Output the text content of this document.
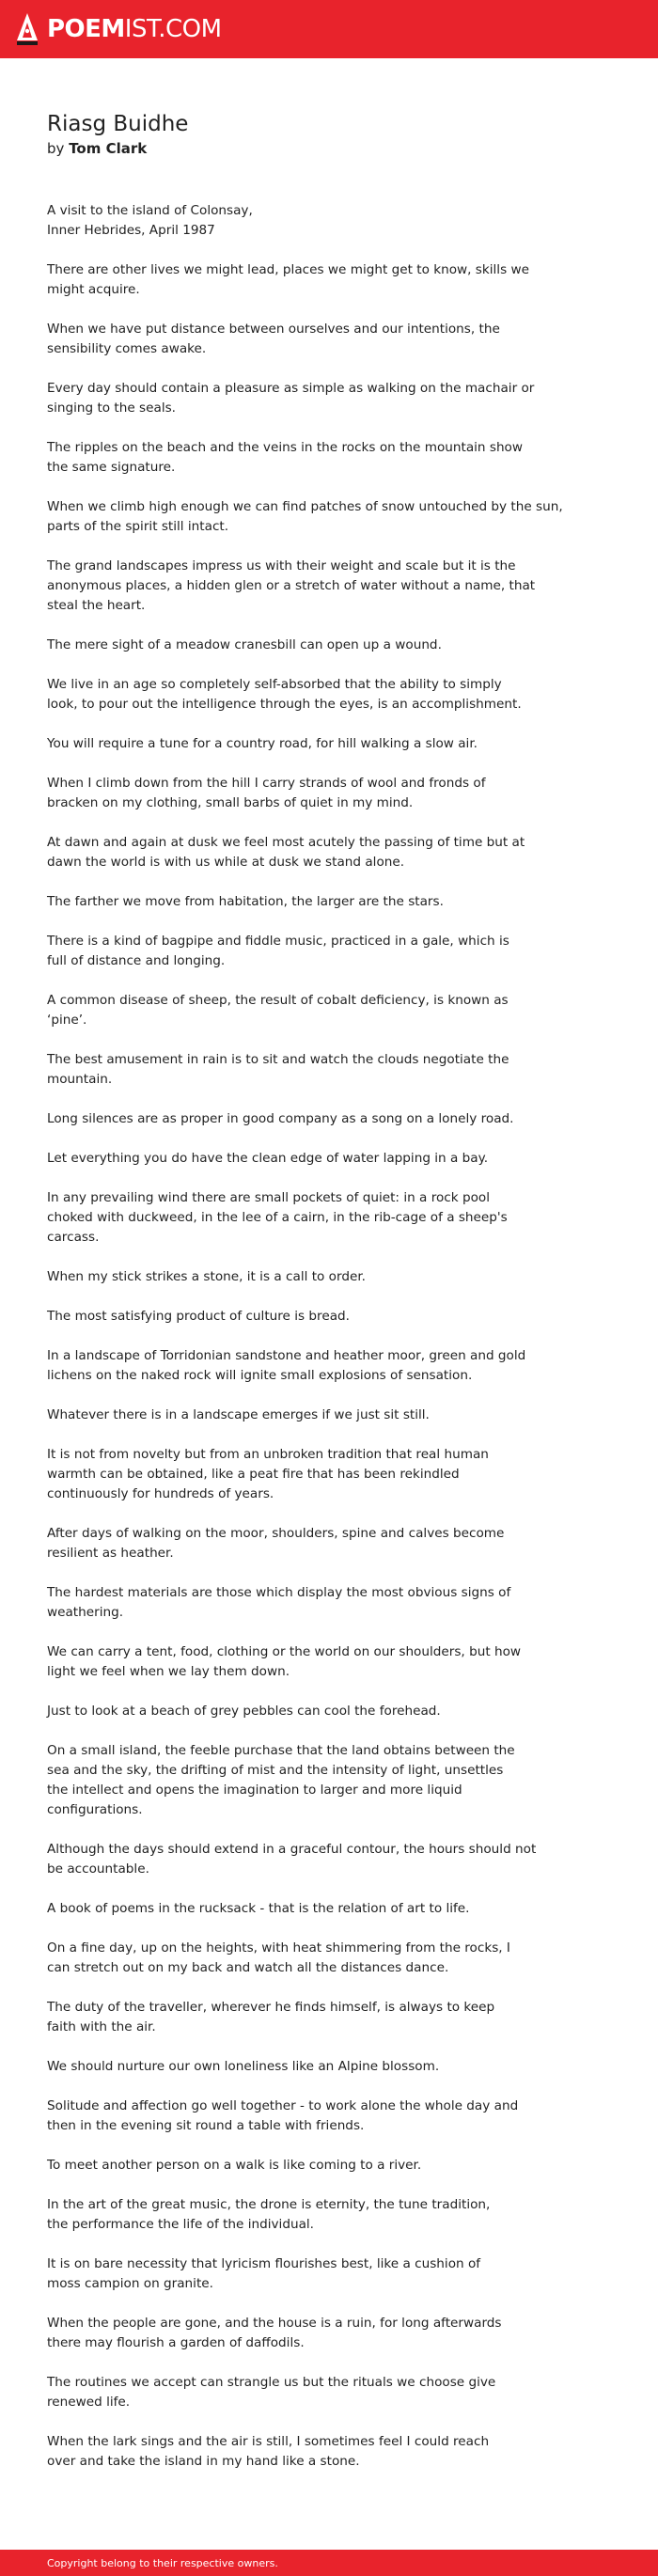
POEMIST.COM
Riasg Buidhe
by Tom Clark

A visit to the island of Colonsay,
Inner Hebrides, April 1987

There are other lives we might lead, places we might get to know, skills we
might acquire.

When we have put distance between ourselves and our intentions, the
sensibility comes awake.

Every day should contain a pleasure as simple as walking on the machair or
singing to the seals.

The ripples on the beach and the veins in the rocks on the mountain show
the same signature.

When we climb high enough we can find patches of snow untouched by the sun,
parts of the spirit still intact.

The grand landscapes impress us with their weight and scale but it is the
anonymous places, a hidden glen or a stretch of water without a name, that
steal the heart.

The mere sight of a meadow cranesbill can open up a wound.

We live in an age so completely self-absorbed that the ability to simply
look, to pour out the intelligence through the eyes, is an accomplishment.

You will require a tune for a country road, for hill walking a slow air.

When I climb down from the hill I carry strands of wool and fronds of
bracken on my clothing, small barbs of quiet in my mind.

At dawn and again at dusk we feel most acutely the passing of time but at
dawn the world is with us while at dusk we stand alone.

The farther we move from habitation, the larger are the stars.

There is a kind of bagpipe and fiddle music, practiced in a gale, which is
full of distance and longing.

A common disease of sheep, the result of cobalt deficiency, is known as
‘pine’.

The best amusement in rain is to sit and watch the clouds negotiate the
mountain.

Long silences are as proper in good company as a song on a lonely road.

Let everything you do have the clean edge of water lapping in a bay.

In any prevailing wind there are small pockets of quiet: in a rock pool
choked with duckweed, in the lee of a cairn, in the rib-cage of a sheep's
carcass.

When my stick strikes a stone, it is a call to order.

The most satisfying product of culture is bread.

In a landscape of Torridonian sandstone and heather moor, green and gold
lichens on the naked rock will ignite small explosions of sensation.

Whatever there is in a landscape emerges if we just sit still.

It is not from novelty but from an unbroken tradition that real human
warmth can be obtained, like a peat fire that has been rekindled
continuously for hundreds of years.

After days of walking on the moor, shoulders, spine and calves become
resilient as heather.

The hardest materials are those which display the most obvious signs of
weathering.

We can carry a tent, food, clothing or the world on our shoulders, but how
light we feel when we lay them down.

Just to look at a beach of grey pebbles can cool the forehead.

On a small island, the feeble purchase that the land obtains between the
sea and the sky, the drifting of mist and the intensity of light, unsettles
the intellect and opens the imagination to larger and more liquid
configurations.

Although the days should extend in a graceful contour, the hours should not
be accountable.

A book of poems in the rucksack - that is the relation of art to life.

On a fine day, up on the heights, with heat shimmering from the rocks, I
can stretch out on my back and watch all the distances dance.

The duty of the traveller, wherever he finds himself, is always to keep
faith with the air.

We should nurture our own loneliness like an Alpine blossom.

Solitude and affection go well together - to work alone the whole day and
then in the evening sit round a table with friends.

To meet another person on a walk is like coming to a river.

In the art of the great music, the drone is eternity, the tune tradition,
the performance the life of the individual.

It is on bare necessity that lyricism flourishes best, like a cushion of
moss campion on granite.

When the people are gone, and the house is a ruin, for long afterwards
there may flourish a garden of daffodils.

The routines we accept can strangle us but the rituals we choose give
renewed life.

When the lark sings and the air is still, I sometimes feel I could reach
over and take the island in my hand like a stone.

Copyright belong to their respective owners.
